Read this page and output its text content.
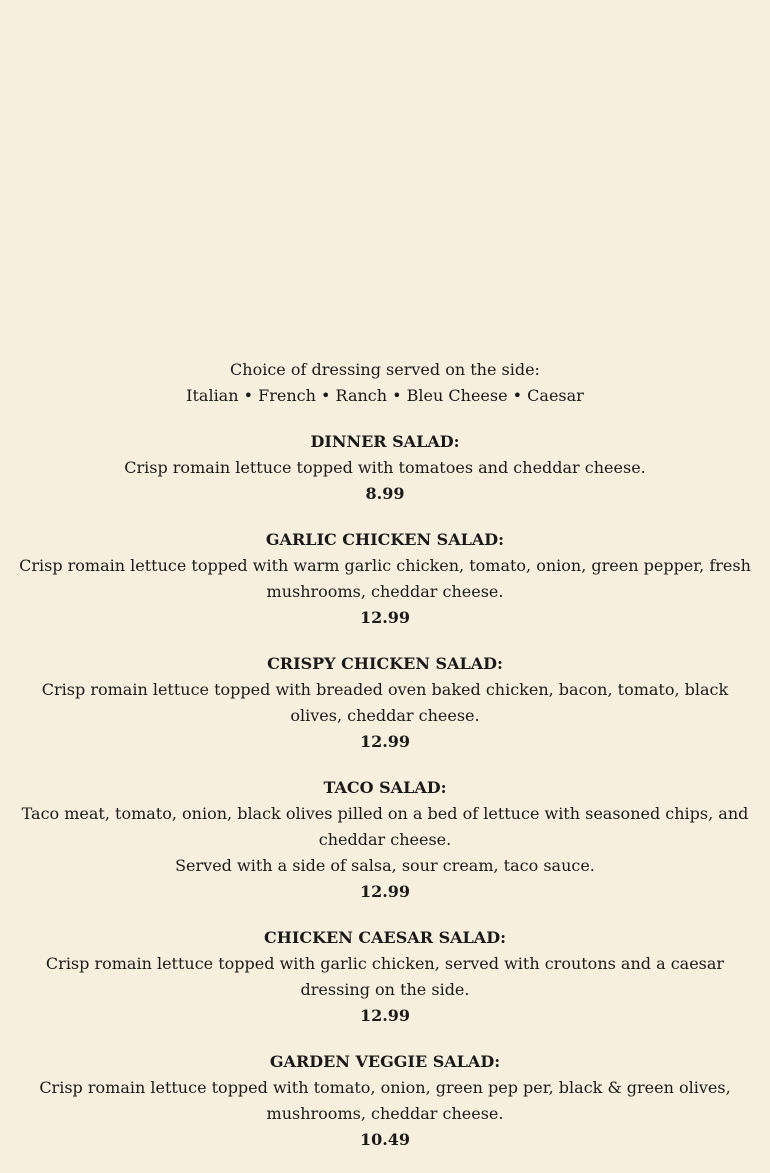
Choice of dressing served on the side:
Italian • French • Ranch • Bleu Cheese • Caesar
DINNER SALAD:
Crisp romain lettuce topped with tomatoes and cheddar cheese.
8.99
GARLIC CHICKEN SALAD:
Crisp romain lettuce topped with warm garlic chicken, tomato, onion, green pepper, fresh mushrooms, cheddar cheese.
12.99
CRISPY CHICKEN SALAD:
Crisp romain lettuce topped with breaded oven baked chicken, bacon, tomato, black olives, cheddar cheese.
12.99
TACO SALAD:
Taco meat, tomato, onion, black olives pilled on a bed of lettuce with seasoned chips, and cheddar cheese.
Served with a side of salsa, sour cream, taco sauce.
12.99
CHICKEN CAESAR SALAD:
Crisp romain lettuce topped with garlic chicken, served with croutons and a caesar dressing on the side.
12.99
GARDEN VEGGIE SALAD:
Crisp romain lettuce topped with tomato, onion, green pep per, black & green olives, mushrooms, cheddar cheese.
10.49
